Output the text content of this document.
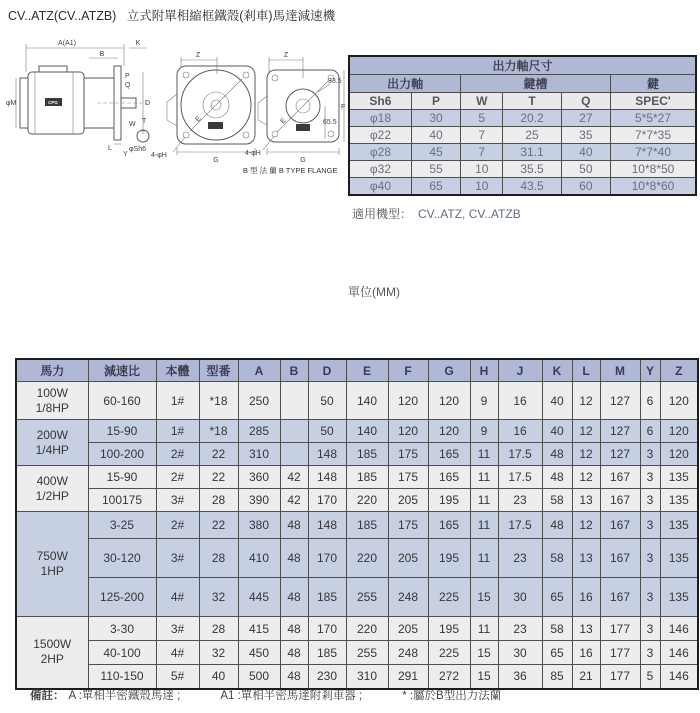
CV..ATZ(CV..ATZB)   立式附單相縮框鐵殼(剎車)馬達減速機
A(A1)
B
K
CPG
φM
P
Q
D
L
Y
W T
φSh6
Z
E
4-φH
G
Z
E
33.5
F
65.5
4-φH
G
B 型 法 蘭 B TYPE FLANGE
出力軸尺寸					
出力軸		鍵槽			鍵
Sh6	P	W	T	Q	SPEC'
φ18	30	5	20.2	27	5*5*27
φ22	40	7	25	35	7*7*35
φ28	45	7	31.1	40	7*7*40
φ32	55	10	35.5	50	10*8*50
φ40	65	10	43.5	60	10*8*60
適用機型： CV..ATZ, CV..ATZB
單位(MM)
馬力	減速比	本體	型番	A	B	D	E	F	G	H	J	K	L	M	Y	Z
100W
1/8HP	60-160	1#	*18	250		50	140	120	120	9	16	40	12	127	6	120
200W
1/4HP	15-90	1#	*18	285		50	140	120	120	9	16	40	12	127	6	120
	100-200	2#	22	310		148	185	175	165	11	17.5	48	12	127	3	120
400W
1/2HP	15-90	2#	22	360	42	148	185	175	165	11	17.5	48	12	167	3	135
	100175	3#	28	390	42	170	220	205	195	11	23	58	13	167	3	135
750W
1HP	3-25	2#	22	380	48	148	185	175	165	11	17.5	48	12	167	3	135
	30-120	3#	28	410	48	170	220	205	195	11	23	58	13	167	3	135
	125-200	4#	32	445	48	185	255	248	225	15	30	65	16	167	3	135
1500W
2HP	3-30	3#	28	415	48	170	220	205	195	11	23	58	13	177	3	146
	40-100	4#	32	450	48	185	255	248	225	15	30	65	16	177	3	146
	110-150	5#	40	500	48	230	310	291	272	15	36	85	21	177	5	146
備註： A :單相半密鐵殼馬達 ;	A1 :單相半密馬達附剎車器 ;	* :屬於B型出力法蘭
